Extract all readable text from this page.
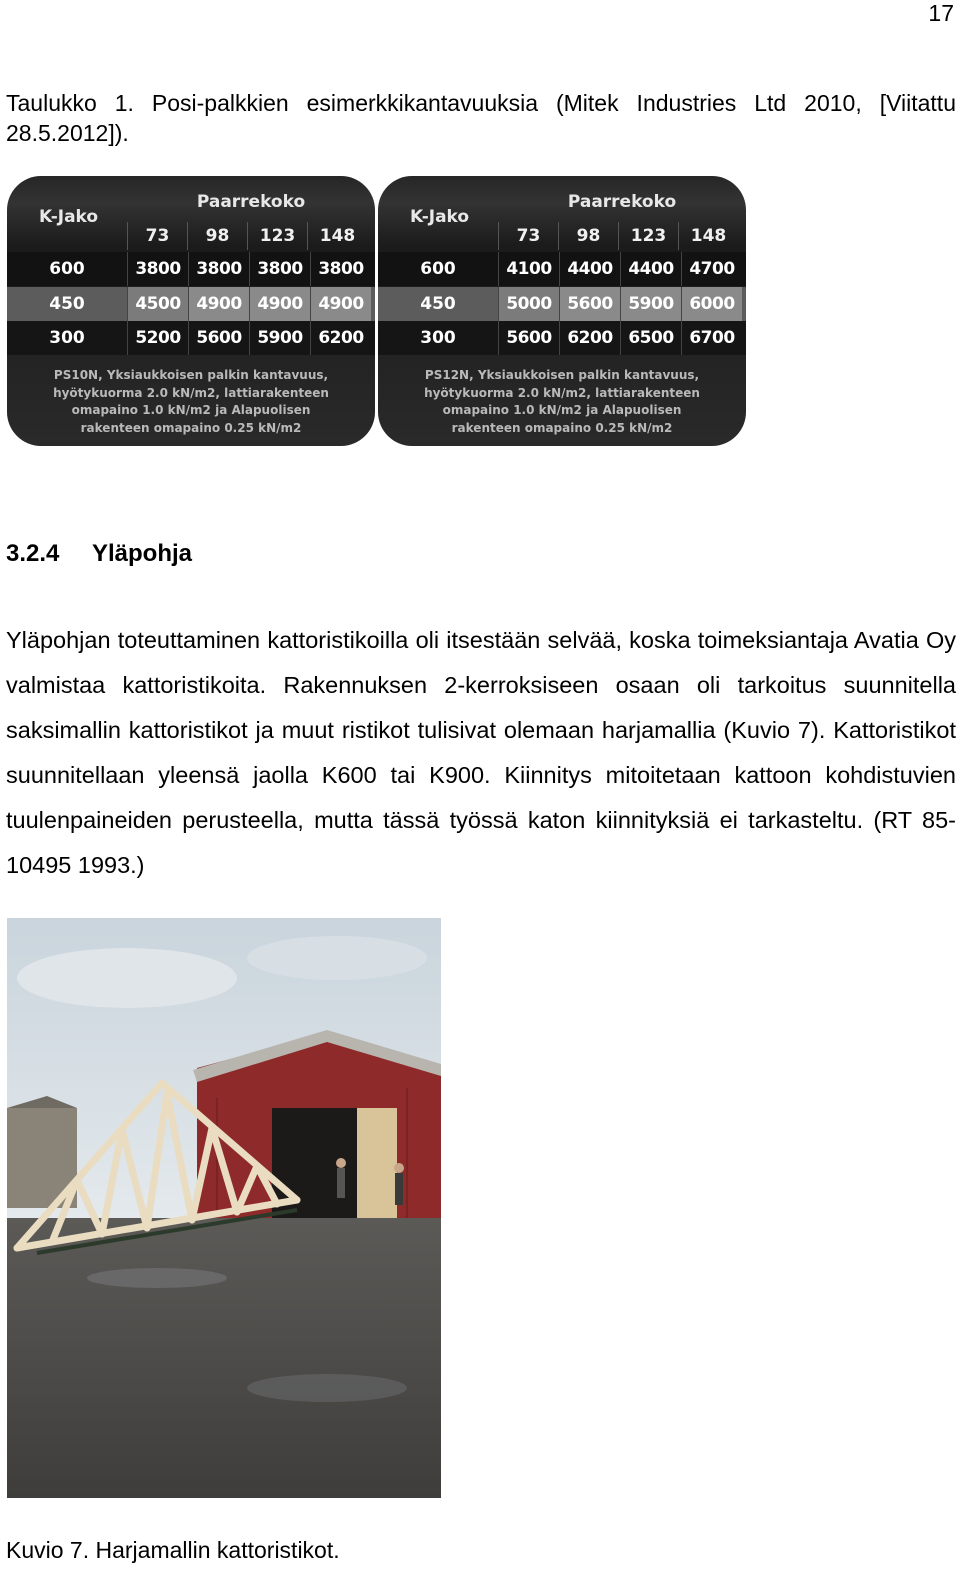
17
Taulukko 1. Posi-palkkien esimerkkikantavuuksia (Mitek Industries Ltd 2010, [Viitattu 28.5.2012]).
K-Jako
Paarrekoko
73	98	123	148
600	3800 3800 3800 3800
450	4500 4900 4900 4900
300	5200 5600 5900 6200
PS10N, Yksiaukkoisen palkin kantavuus,
hyötykuorma 2.0 kN/m2, lattiarakenteen
omapaino 1.0 kN/m2 ja Alapuolisen
rakenteen omapaino 0.25 kN/m2
K-Jako
Paarrekoko
73	98	123	148
600	4100 4400 4400 4700
450	5000 5600 5900 6000
300	5600 6200 6500 6700
PS12N, Yksiaukkoisen palkin kantavuus,
hyötykuorma 2.0 kN/m2, lattiarakenteen
omapaino 1.0 kN/m2 ja Alapuolisen
rakenteen omapaino 0.25 kN/m2
3.2.4 Yläpohja
Yläpohjan toteuttaminen kattoristikoilla oli itsestään selvää, koska toimeksiantaja Avatia Oy valmistaa kattoristikoita. Rakennuksen 2-kerroksiseen osaan oli tarkoitus suunnitella saksimallin kattoristikot ja muut ristikot tulisivat olemaan harjamallia (Kuvio 7). Kattoristikot suunnitellaan yleensä jaolla K600 tai K900. Kiinnitys mitoitetaan kattoon kohdistuvien tuulenpaineiden perusteella, mutta tässä työssä katon kiinnityksiä ei tarkasteltu. (RT 85-10495 1993.)
Kuvio 7. Harjamallin kattoristikot.
